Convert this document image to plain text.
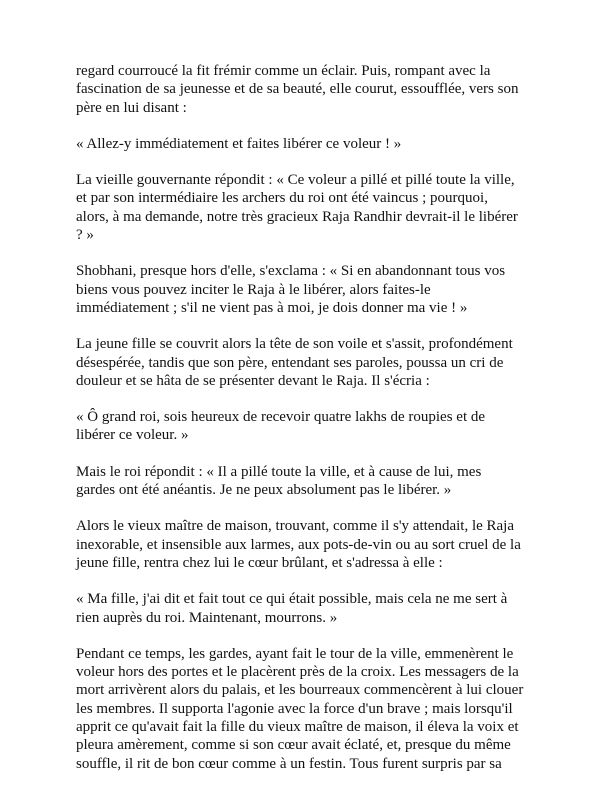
regard courroucé la fit frémir comme un éclair. Puis, rompant avec la fascination de sa jeunesse et de sa beauté, elle courut, essoufflée, vers son père en lui disant :

« Allez-y immédiatement et faites libérer ce voleur ! »

La vieille gouvernante répondit : « Ce voleur a pillé et pillé toute la ville, et par son intermédiaire les archers du roi ont été vaincus ; pourquoi, alors, à ma demande, notre très gracieux Raja Randhir devrait-il le libérer ? »

Shobhani, presque hors d'elle, s'exclama : « Si en abandonnant tous vos biens vous pouvez inciter le Raja à le libérer, alors faites-le immédiatement ; s'il ne vient pas à moi, je dois donner ma vie ! »

La jeune fille se couvrit alors la tête de son voile et s'assit, profondément désespérée, tandis que son père, entendant ses paroles, poussa un cri de douleur et se hâta de se présenter devant le Raja. Il s'écria :

« Ô grand roi, sois heureux de recevoir quatre lakhs de roupies et de libérer ce voleur. »

Mais le roi répondit : « Il a pillé toute la ville, et à cause de lui, mes gardes ont été anéantis. Je ne peux absolument pas le libérer. »

Alors le vieux maître de maison, trouvant, comme il s'y attendait, le Raja inexorable, et insensible aux larmes, aux pots-de-vin ou au sort cruel de la jeune fille, rentra chez lui le cœur brûlant, et s'adressa à elle :

« Ma fille, j'ai dit et fait tout ce qui était possible, mais cela ne me sert à rien auprès du roi. Maintenant, mourrons. »

Pendant ce temps, les gardes, ayant fait le tour de la ville, emmenèrent le voleur hors des portes et le placèrent près de la croix. Les messagers de la mort arrivèrent alors du palais, et les bourreaux commencèrent à lui clouer les membres. Il supporta l'agonie avec la force d'un brave ; mais lorsqu'il apprit ce qu'avait fait la fille du vieux maître de maison, il éleva la voix et pleura amèrement, comme si son cœur avait éclaté, et, presque du même souffle, il rit de bon cœur comme à un festin. Tous furent surpris par sa
